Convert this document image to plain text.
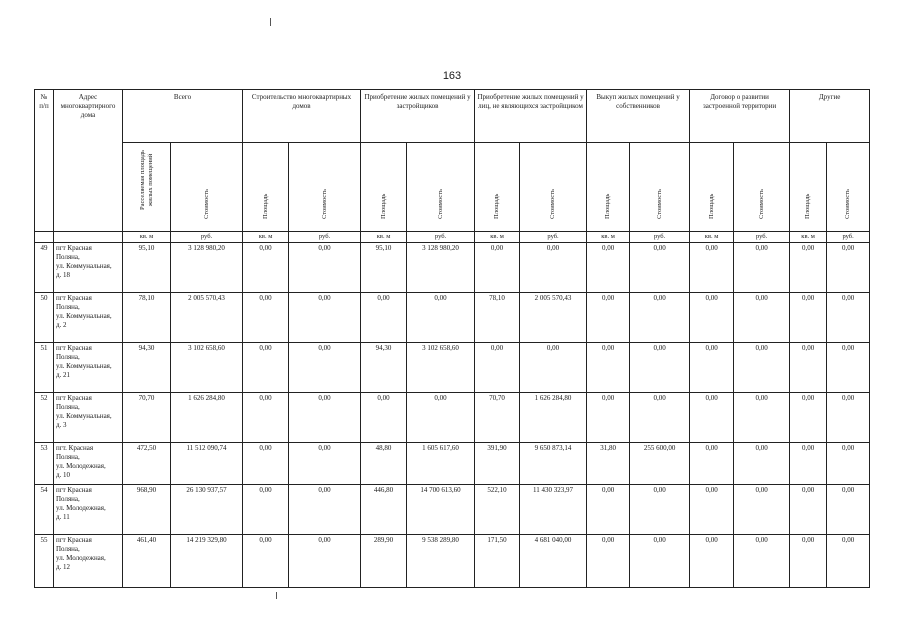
163
№ п/п	Адрес многоквартирного дома	Всего		Строительство многоквартирных домов		Приобретение жилых помещений у застройщиков		Приобретение жилых помещений у лиц, не являющихся застройщиком		Выкуп жилых помещений у собственников		Договор о развитии застроенной территории		Другие	

		Расселяемая площадь жилых помещений	Стоимость	Площадь	Стоимость	Площадь	Стоимость	Площадь	Стоимость	Площадь	Стоимость	Площадь	Стоимость	Площадь	Стоимость

		кв. м	руб.	кв. м	руб.	кв. м	руб.	кв. м	руб.	кв. м	руб.	кв. м	руб.	кв. м	руб.
49	пгт Красная
Поляна,
ул. Коммунальная,
д. 18	95,10	3 128 980,20	0,00	0,00	95,10	3 128 980,20	0,00	0,00	0,00	0,00	0,00	0,00	0,00	0,00
50	пгт Красная
Поляна,
ул. Коммунальная,
д. 2	78,10	2 005 570,43	0,00	0,00	0,00	0,00	78,10	2 005 570,43	0,00	0,00	0,00	0,00	0,00	0,00
51	пгт Красная
Поляна,
ул. Коммунальная,
д. 21	94,30	3 102 658,60	0,00	0,00	94,30	3 102 658,60	0,00	0,00	0,00	0,00	0,00	0,00	0,00	0,00
52	пгт Красная
Поляна,
ул. Коммунальная,
д. 3	70,70	1 626 284,80	0,00	0,00	0,00	0,00	70,70	1 626 284,80	0,00	0,00	0,00	0,00	0,00	0,00
53	пгт. Красная
Поляна,
ул. Молодежная,
д. 10	472,50	11 512 090,74	0,00	0,00	48,80	1 605 617,60	391,90	9 650 873,14	31,80	255 600,00	0,00	0,00	0,00	0,00
54	пгт Красная
Поляна,
ул. Молодежная,
д. 11	968,90	26 130 937,57	0,00	0,00	446,80	14 700 613,60	522,10	11 430 323,97	0,00	0,00	0,00	0,00	0,00	0,00
55	пгт Красная
Поляна,
ул. Молодежная,
д. 12	461,40	14 219 329,80	0,00	0,00	289,90	9 538 289,80	171,50	4 681 040,00	0,00	0,00	0,00	0,00	0,00	0,00
